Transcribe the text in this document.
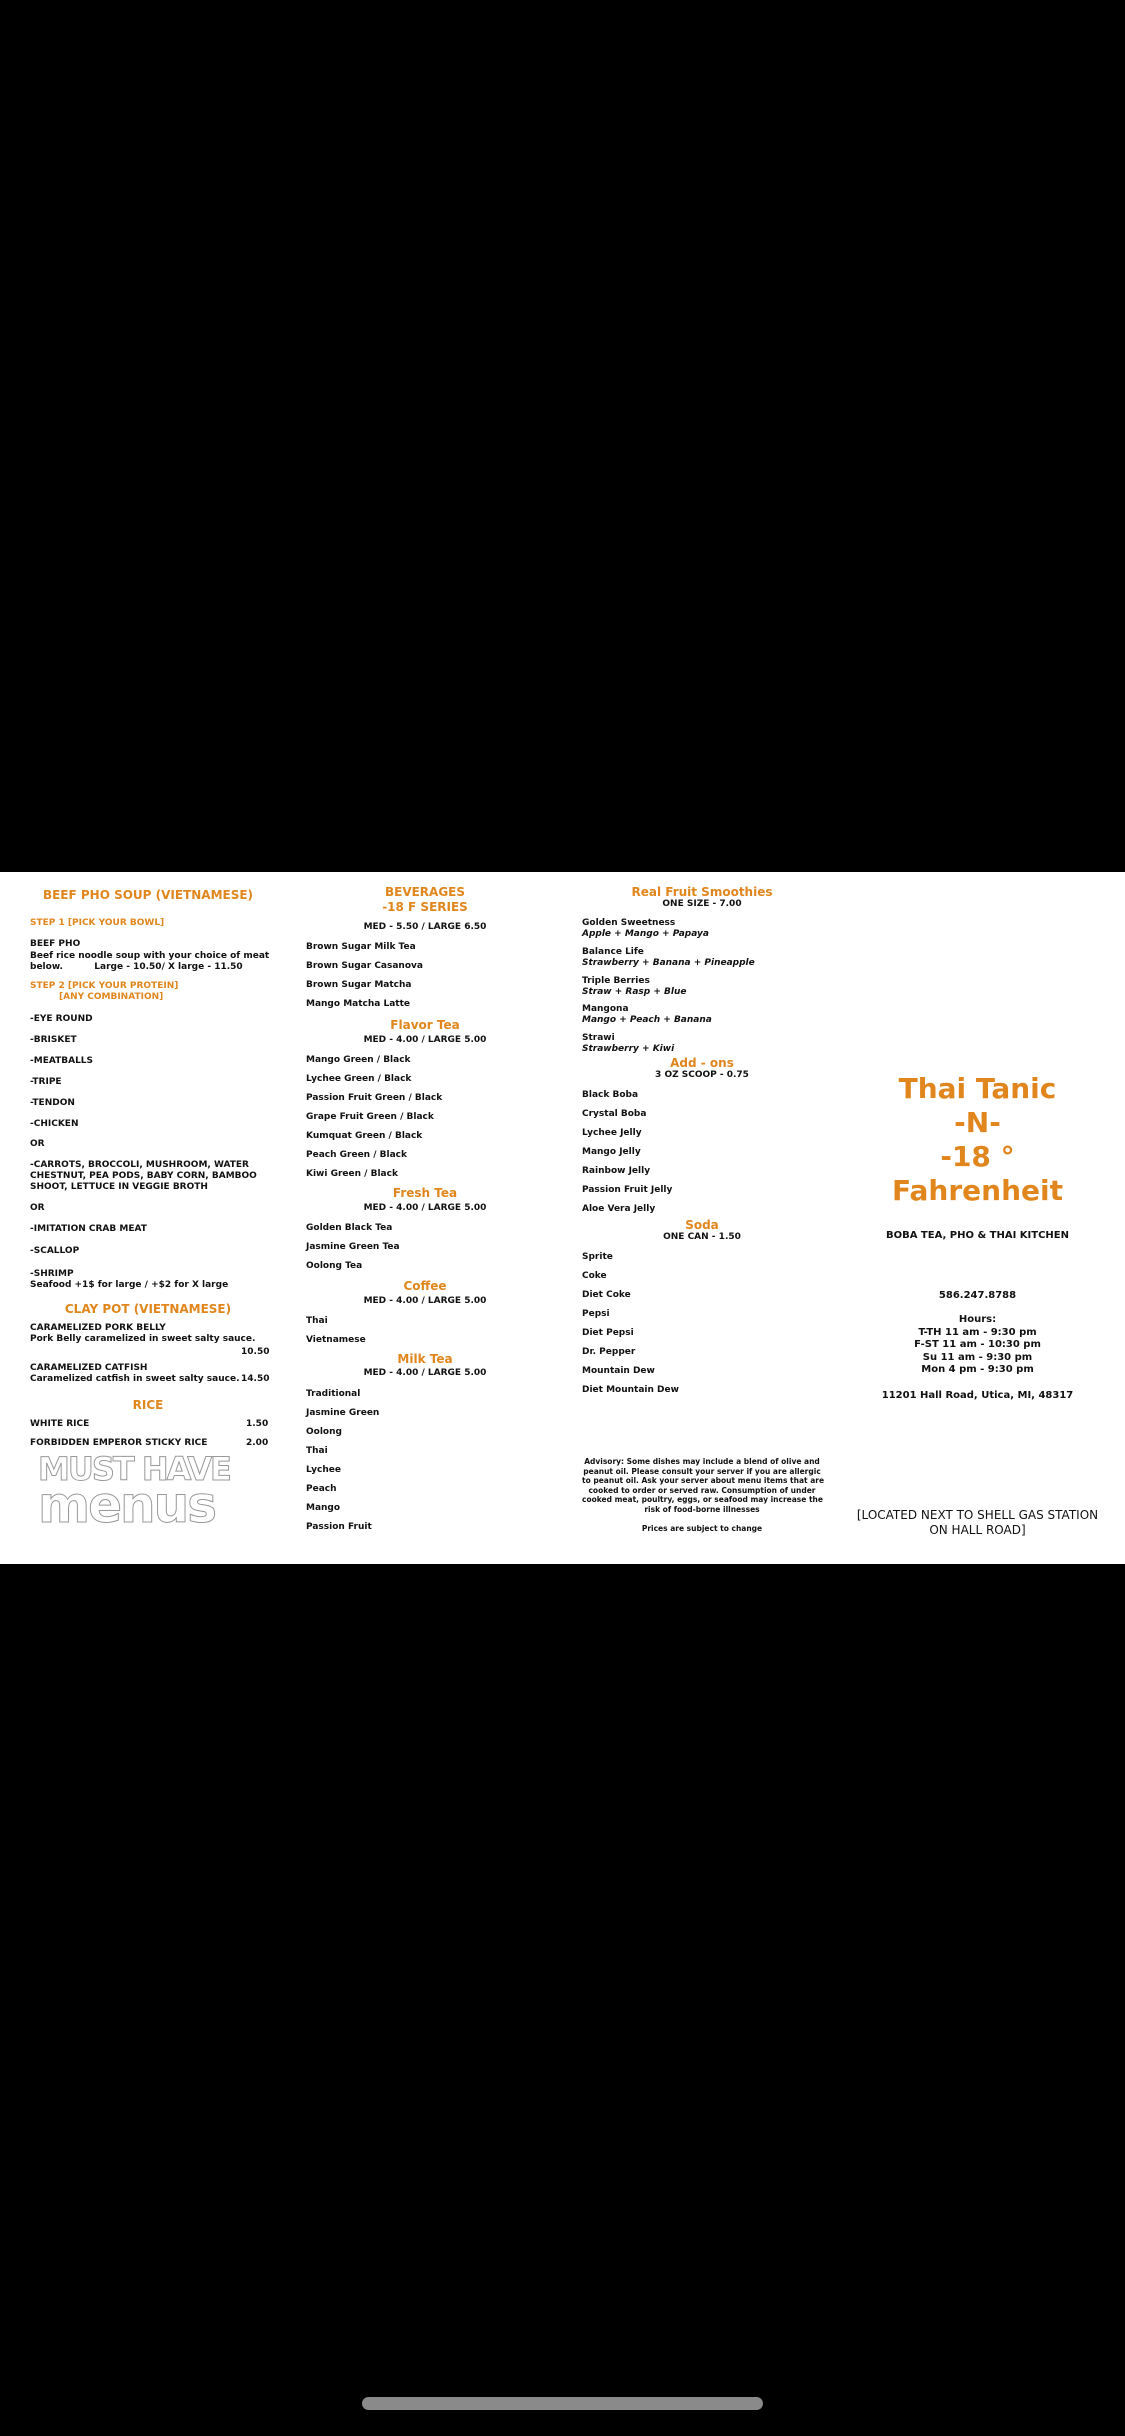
BEEF PHO SOUP (VIETNAMESE)
STEP 1 [PICK YOUR BOWL]
BEEF PHO
Beef rice noodle soup with your choice of meat
below.          Large - 10.50/ X large - 11.50
STEP 2 [PICK YOUR PROTEIN]
[ANY COMBINATION]
-EYE ROUND
-BRISKET
-MEATBALLS
-TRIPE
-TENDON
-CHICKEN
OR
-CARROTS, BROCCOLI, MUSHROOM, WATER
CHESTNUT, PEA PODS, BABY CORN, BAMBOO
SHOOT, LETTUCE IN VEGGIE BROTH
OR
-IMITATION CRAB MEAT
-SCALLOP
-SHRIMP
Seafood +1$ for large / +$2 for X large
CLAY POT (VIETNAMESE)
CARAMELIZED PORK BELLY
Pork Belly caramelized in sweet salty sauce.
10.50
CARAMELIZED CATFISH
Caramelized catfish in sweet salty sauce. 14.50
RICE
WHITE RICE	1.50
FORBIDDEN EMPEROR STICKY RICE	2.00
MUST HAVE
menus
BEVERAGES
-18 F SERIES
MED - 5.50 / LARGE 6.50
Brown Sugar Milk Tea
Brown Sugar Casanova
Brown Sugar Matcha
Mango Matcha Latte
Flavor Tea
MED - 4.00 / LARGE 5.00
Mango Green / Black
Lychee Green / Black
Passion Fruit Green / Black
Grape Fruit Green / Black
Kumquat Green / Black
Peach Green / Black
Kiwi Green / Black
Fresh Tea
MED - 4.00 / LARGE 5.00
Golden Black Tea
Jasmine Green Tea
Oolong Tea
Coffee
MED - 4.00 / LARGE 5.00
Thai
Vietnamese
Milk Tea
MED - 4.00 / LARGE 5.00
Traditional
Jasmine Green
Oolong
Thai
Lychee
Peach
Mango
Passion Fruit
Real Fruit Smoothies
ONE SIZE - 7.00
Golden Sweetness
Apple + Mango + Papaya
Balance Life
Strawberry + Banana + Pineapple
Triple Berries
Straw + Rasp + Blue
Mangona
Mango + Peach + Banana
Strawi
Strawberry + Kiwi
Add - ons
3 OZ SCOOP - 0.75
Black Boba
Crystal Boba
Lychee Jelly
Mango Jelly
Rainbow Jelly
Passion Fruit Jelly
Aloe Vera Jelly
Soda
ONE CAN - 1.50
Sprite
Coke
Diet Coke
Pepsi
Diet Pepsi
Dr. Pepper
Mountain Dew
Diet Mountain Dew
Advisory: Some dishes may include a blend of olive and
peanut oil. Please consult your server if you are allergic
to peanut oil. Ask your server about menu items that are
cooked to order or served raw. Consumption of under
cooked meat, poultry, eggs, or seafood may increase the
risk of food-borne illnesses
Prices are subject to change
Thai Tanic
-N-
-18 °
Fahrenheit
BOBA TEA, PHO & THAI KITCHEN
586.247.8788
Hours:
T-TH 11 am - 9:30 pm
F-ST 11 am - 10:30 pm
Su 11 am - 9:30 pm
Mon 4 pm - 9:30 pm
11201 Hall Road, Utica, MI, 48317
[LOCATED NEXT TO SHELL GAS STATION
ON HALL ROAD]
